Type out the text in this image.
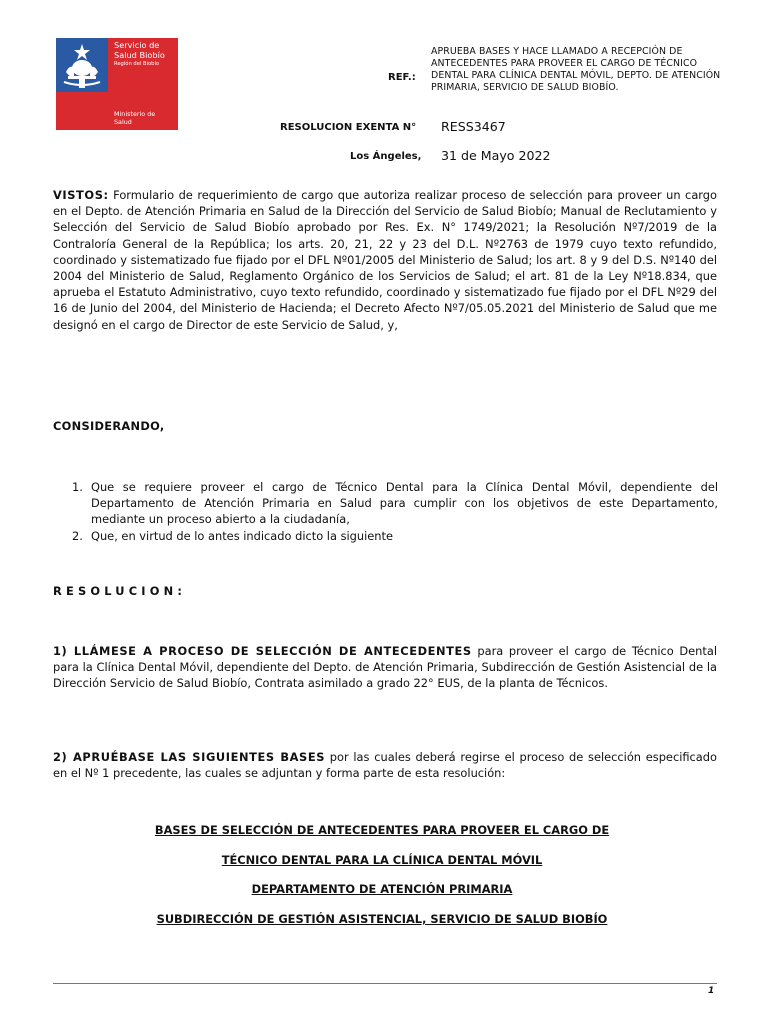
Servicio de
Salud Biobío
Región del Biobío
Ministerio de
Salud
REF.:
APRUEBA BASES Y HACE LLAMADO A RECEPCIÓN DE ANTECEDENTES PARA PROVEER EL CARGO DE TÉCNICO DENTAL PARA CLÍNICA DENTAL MÓVIL, DEPTO. DE ATENCIÓN PRIMARIA, SERVICIO DE SALUD BIOBÍO.
RESOLUCION EXENTA N° RESS3467
Los Ángeles, 31 de Mayo 2022
VISTOS: Formulario de requerimiento de cargo que autoriza realizar proceso de selección para proveer un cargo en el Depto. de Atención Primaria en Salud de la Dirección del Servicio de Salud Biobío; Manual de Reclutamiento y Selección del Servicio de Salud Biobío aprobado por Res. Ex. N° 1749/2021; la Resolución Nº7/2019 de la Contraloría General de la República; los arts. 20, 21, 22 y 23 del D.L. Nº2763 de 1979 cuyo texto refundido, coordinado y sistematizado fue fijado por el DFL Nº01/2005 del Ministerio de Salud; los art. 8 y 9 del D.S. Nº140 del 2004 del Ministerio de Salud, Reglamento Orgánico de los Servicios de Salud; el art. 81 de la Ley Nº18.834, que aprueba el Estatuto Administrativo, cuyo texto refundido, coordinado y sistematizado fue fijado por el DFL Nº29 del 16 de Junio del 2004, del Ministerio de Hacienda; el Decreto Afecto Nº7/05.05.2021 del Ministerio de Salud que me designó en el cargo de Director de este Servicio de Salud, y,
CONSIDERANDO,
1. Que se requiere proveer el cargo de Técnico Dental para la Clínica Dental Móvil, dependiente del Departamento de Atención Primaria en Salud para cumplir con los objetivos de este Departamento, mediante un proceso abierto a la ciudadanía,
2. Que, en virtud de lo antes indicado dicto la siguiente
RESOLUCION:
1) LLÁMESE A PROCESO DE SELECCIÓN DE ANTECEDENTES para proveer el cargo de Técnico Dental para la Clínica Dental Móvil, dependiente del Depto. de Atención Primaria, Subdirección de Gestión Asistencial de la Dirección Servicio de Salud Biobío, Contrata asimilado a grado 22° EUS, de la planta de Técnicos.
2) APRUÉBASE LAS SIGUIENTES BASES por las cuales deberá regirse el proceso de selección especificado en el Nº 1 precedente, las cuales se adjuntan y forma parte de esta resolución:
BASES DE SELECCIÓN DE ANTECEDENTES PARA PROVEER EL CARGO DE
TÉCNICO DENTAL PARA LA CLÍNICA DENTAL MÓVIL
DEPARTAMENTO DE ATENCIÓN PRIMARIA
SUBDIRECCIÓN DE GESTIÓN ASISTENCIAL, SERVICIO DE SALUD BIOBÍO
1
